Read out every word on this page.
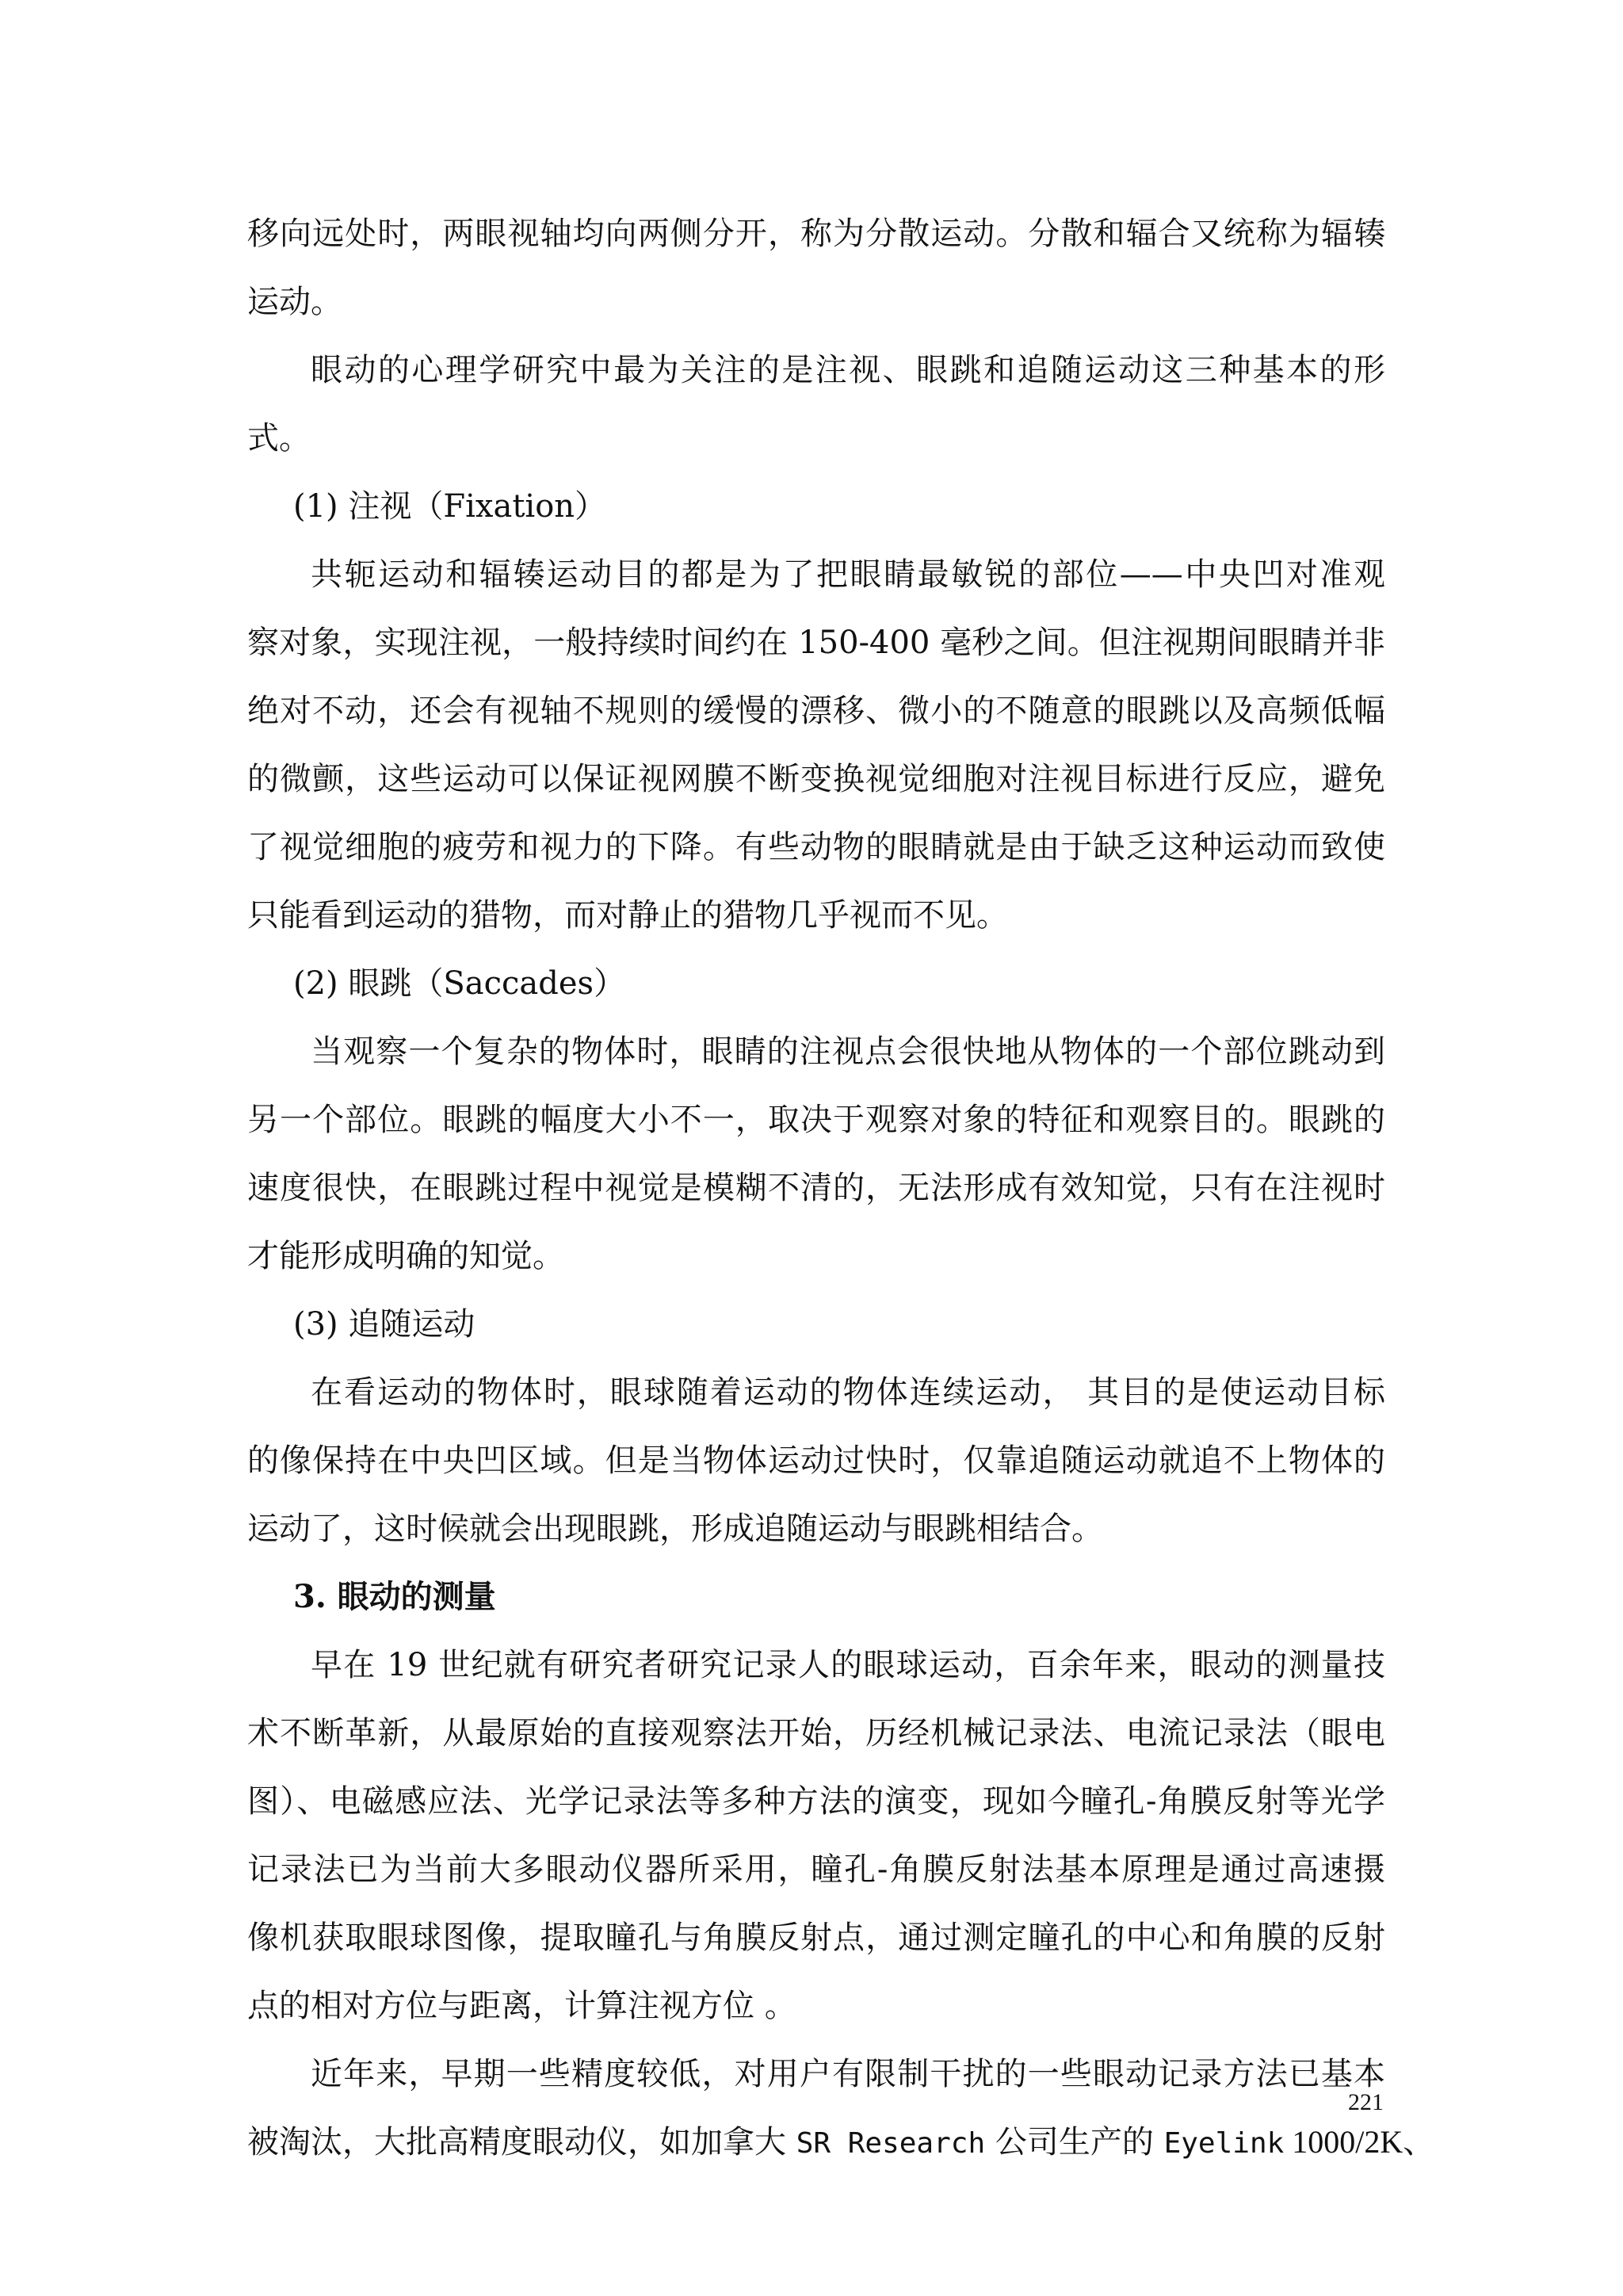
移向远处时，两眼视轴均向两侧分开，称为分散运动。分散和辐合又统称为辐辏
运动。
眼动的心理学研究中最为关注的是注视、眼跳和追随运动这三种基本的形
式。
(1) 注视（Fixation）
共轭运动和辐辏运动目的都是为了把眼睛最敏锐的部位——中央凹对准观
察对象，实现注视，一般持续时间约在 150-400 毫秒之间。但注视期间眼睛并非
绝对不动，还会有视轴不规则的缓慢的漂移、微小的不随意的眼跳以及高频低幅
的微颤，这些运动可以保证视网膜不断变换视觉细胞对注视目标进行反应，避免
了视觉细胞的疲劳和视力的下降。有些动物的眼睛就是由于缺乏这种运动而致使
只能看到运动的猎物，而对静止的猎物几乎视而不见。
(2) 眼跳（Saccades）
当观察一个复杂的物体时，眼睛的注视点会很快地从物体的一个部位跳动到
另一个部位。眼跳的幅度大小不一，取决于观察对象的特征和观察目的。眼跳的
速度很快，在眼跳过程中视觉是模糊不清的，无法形成有效知觉，只有在注视时
才能形成明确的知觉。
(3) 追随运动
在看运动的物体时，眼球随着运动的物体连续运动， 其目的是使运动目标
的像保持在中央凹区域。但是当物体运动过快时，仅靠追随运动就追不上物体的
运动了，这时候就会出现眼跳，形成追随运动与眼跳相结合。
3. 眼动的测量
早在 19 世纪就有研究者研究记录人的眼球运动，百余年来，眼动的测量技
术不断革新，从最原始的直接观察法开始，历经机械记录法、电流记录法（眼电
图）、电磁感应法、光学记录法等多种方法的演变，现如今瞳孔-角膜反射等光学
记录法已为当前大多眼动仪器所采用，瞳孔-角膜反射法基本原理是通过高速摄
像机获取眼球图像，提取瞳孔与角膜反射点，通过测定瞳孔的中心和角膜的反射
点的相对方位与距离，计算注视方位 。
近年来，早期一些精度较低，对用户有限制干扰的一些眼动记录方法已基本
被淘汰，大批高精度眼动仪，如加拿大 SR Research 公司生产的 Eyelink 1000/2K、
221
